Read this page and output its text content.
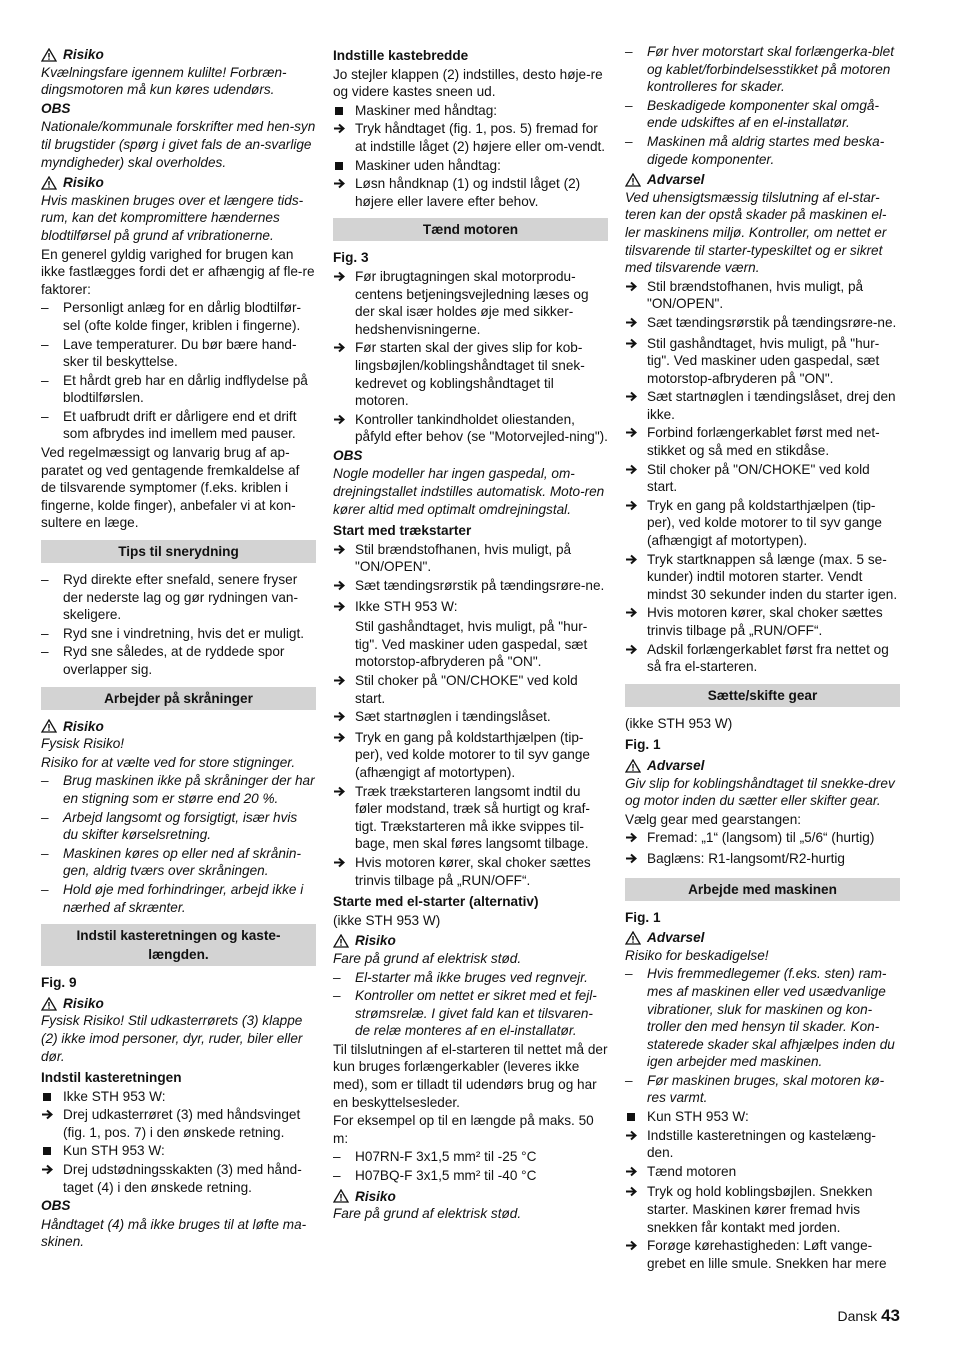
Risiko
Kvælningsfare igennem kulilte! Forbræn-dingsmotoren må kun køres udendørs.
OBS
Nationale/kommunale forskrifter med hen-syn til brugstider (spørg i givet fals de an-svarlige myndigheder) skal overholdes.
Risiko
Hvis maskinen bruges over et længere tids-rum, kan det kompromittere hændernes blodtilførsel på grund af vribrationerne.
En generel gyldig varighed for brugen kan ikke fastlægges fordi det er afhængig af fle-re faktorer:
–	Personligt anlæg for en dårlig blodtilfør-sel (ofte kolde finger, kriblen i fingerne).
–	Lave temperaturer. Du bør bære hand-sker til beskyttelse.
–	Et hårdt greb har en dårlig indflydelse på blodtilførslen.
–	Et uafbrudt drift er dårligere end et drift som afbrydes ind imellem med pauser.
Ved regelmæssigt og lanvarig brug af ap-paratet og ved gentagende fremkaldelse af de tilsvarende symptomer (f.eks. kriblen i fingerne, kolde finger), anbefaler vi at kon-sultere en læge.
Tips til snerydning
–	Ryd direkte efter snefald, senere fryser der nederste lag og gør rydningen van-skeligere.
–	Ryd sne i vindretning, hvis det er muligt.
–	Ryd sne således, at de ryddede spor overlapper sig.
Arbejder på skråninger
Risiko
Fysisk Risiko!
Risiko for at vælte ved for store stigninger.
–	Brug maskinen ikke på skråninger der har en stigning som er større end 20 %.
–	Arbejd langsomt og forsigtigt, især hvis du skifter kørselsretning.
–	Maskinen køres op eller ned af skrånin-gen, aldrig tværs over skråningen.
–	Hold øje med forhindringer, arbejd ikke i nærhed af skrænter.
Indstil kasteretningen og kaste-længden.
Fig. 9
Risiko
Fysisk Risiko! Stil udkasterrørets (3) klappe (2) ikke imod personer, dyr, ruder, biler eller dør.
Indstil kasteretningen
Ikke STH 953 W:
Drej udkasterrøret (3) med håndsvinget (fig. 1, pos. 7) i den ønskede retning.
Kun STH 953 W:
Drej udstødningsskakten (3) med hånd-taget (4) i den ønskede retning.
OBS
Håndtaget (4) må ikke bruges til at løfte ma-skinen.
Indstille kastebredde
Jo stejler klappen (2) indstilles, desto høje-re og videre kastes sneen ud.
Maskiner med håndtag:
Tryk håndtaget (fig. 1, pos. 5) fremad for at indstille låget (2) højere eller om-vendt.
Maskiner uden håndtag:
Løsn håndknap (1) og indstil låget (2) højere eller lavere efter behov.
Tænd motoren
Fig. 3
Før ibrugtagningen skal motorprodu-centens betjeningsvejledning læses og der skal især holdes øje med sikker-hedshenvisningerne.
Før starten skal der gives slip for kob-lingsbøjlen/koblingshåndtaget til snek-kedrevet og koblingshåndtaget til motoren.
Kontroller tankindholdet oliestanden, påfyld efter behov (se "Motorvejled-ning").
OBS
Nogle modeller har ingen gaspedal, om-drejningstallet indstilles automatisk. Moto-ren kører altid med optimalt omdrejningstal.
Start med trækstarter
Stil brændstofhanen, hvis muligt, på "ON/OPEN".
Sæt tændingsrørstik på tændingsrøre-ne.
Ikke STH 953 W:
Stil gashåndtaget, hvis muligt, på "hur-tig". Ved maskiner uden gaspedal, sæt motorstop-afbryderen på "ON".
Stil choker på "ON/CHOKE" ved kold start.
Sæt startnøglen i tændingslåset.
Tryk en gang på koldstarthjælpen (tip-per), ved kolde motorer to til syv gange (afhængigt af motortypen).
Træk trækstarteren langsomt indtil du føler modstand, træk så hurtigt og kraf-tigt. Trækstarteren må ikke svippes til-bage, men skal føres langsomt tilbage.
Hvis motoren kører, skal choker sættes trinvis tilbage på „RUN/OFF“.
Starte med el-starter (alternativ)
(ikke STH 953 W)
Risiko
Fare på grund af elektrisk stød.
–	El-starter må ikke bruges ved regnvejr.
–	Kontroller om nettet er sikret med et fejl-strømsrelæ. I givet fald kan et tilsvaren-de relæ monteres af en el-installatør.
Til tilslutningen af el-starteren til nettet må der kun bruges forlængerkabler (leveres ikke med), som er tilladt til udendørs brug og har en beskyttelsesleder.
For eksempel op til en længde på maks. 50 m:
–	H07RN-F 3x1,5 mm² til -25 °C
–	H07BQ-F 3x1,5 mm² til -40 °C
Risiko
Fare på grund af elektrisk stød.
–	Før hver motorstart skal forlængerka-blet og kablet/forbindelsesstikket på motoren kontrolleres for skader.
–	Beskadigede komponenter skal omgå-ende udskiftes af en el-installatør.
–	Maskinen må aldrig startes med beska-digede komponenter.
Advarsel
Ved uhensigtsmæssig tilslutning af el-star-teren kan der opstå skader på maskinen el-ler maskinens miljø. Kontroller, om nettet er tilsvarende til starter-typeskiltet og er sikret med tilsvarende værn.
Stil brændstofhanen, hvis muligt, på "ON/OPEN".
Sæt tændingsrørstik på tændingsrøre-ne.
Stil gashåndtaget, hvis muligt, på "hur-tig". Ved maskiner uden gaspedal, sæt motorstop-afbryderen på "ON".
Sæt startnøglen i tændingslåset, drej den ikke.
Forbind forlængerkablet først med net-stikket og så med en stikdåse.
Stil choker på "ON/CHOKE" ved kold start.
Tryk en gang på koldstarthjælpen (tip-per), ved kolde motorer to til syv gange (afhængigt af motortypen).
Tryk startknappen så længe (max. 5 se-kunder) indtil motoren starter. Vendt mindst 30 sekunder inden du starter igen.
Hvis motoren kører, skal choker sættes trinvis tilbage på „RUN/OFF“.
Adskil forlængerkablet først fra nettet og så fra el-starteren.
Sætte/skifte gear
(ikke STH 953 W)
Fig. 1
Advarsel
Giv slip for koblingshåndtaget til snekke-drev og motor inden du sætter eller skifter gear.
Vælg gear med gearstangen:
Fremad: „1“ (langsom) til „5/6“ (hurtig)
Baglæns: R1-langsomt/R2-hurtig
Arbejde med maskinen
Fig. 1
Advarsel
Risiko for beskadigelse!
–	Hvis fremmedlegemer (f.eks. sten) ram-mes af maskinen eller ved usædvanlige vibrationer, sluk for maskinen og kon-troller den med hensyn til skader. Kon-staterede skader skal afhjælpes inden du igen arbejder med maskinen.
–	Før maskinen bruges, skal motoren kø-res varmt.
Kun STH 953 W:
Indstille kasteretningen og kastelæng-den.
Tænd motoren
Tryk og hold koblingsbøjlen. Snekken starter. Maskinen kører fremad hvis snekken får kontakt med jorden.
Forøge kørehastigheden: Løft vange-grebet en lille smule. Snekken har mere
Dansk 43
